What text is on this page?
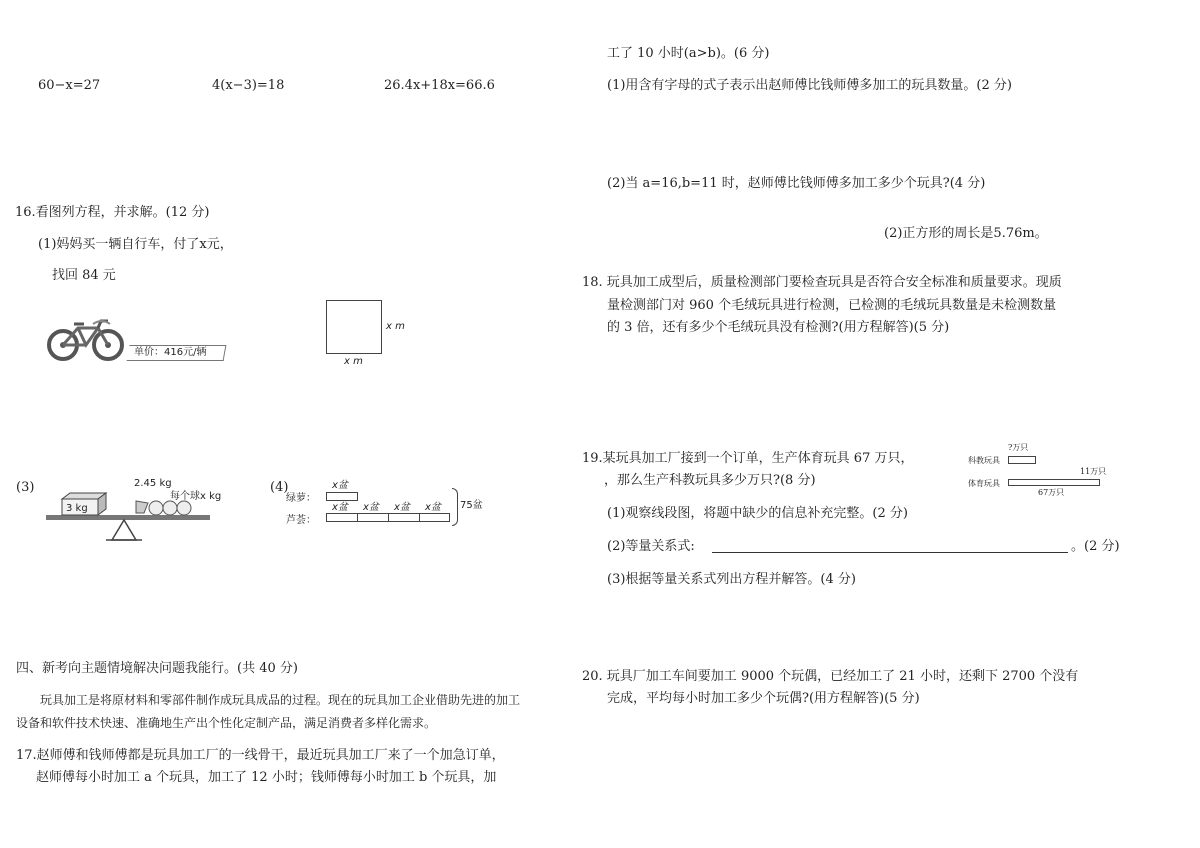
60−x=27	4(x−3)=18	26.4x+18x=66.6
16.看图列方程，并求解。(12 分)
(1)妈妈买一辆自行车，付了x元，
找回 84 元
单价：416元/辆
x m
x m
(3)
3 kg
2.45 kg
每个球x kg
(4)
绿萝：
芦荟：
x盆
x盆 x盆 x盆 x盆 75盆
四、新考向主题情境解决问题我能行。(共 40 分)
玩具加工是将原材料和零部件制作成玩具成品的过程。现在的玩具加工企业借助先进的加工
设备和软件技术快速、准确地生产出个性化定制产品，满足消费者多样化需求。
17.赵师傅和钱师傅都是玩具加工厂的一线骨干，最近玩具加工厂来了一个加急订单，
赵师傅每小时加工 a 个玩具，加工了 12 小时；钱师傅每小时加工 b 个玩具，加
工了 10 小时(a>b)。(6 分)
(1)用含有字母的式子表示出赵师傅比钱师傅多加工的玩具数量。(2 分)
(2)当 a=16,b=11 时，赵师傅比钱师傅多加工多少个玩具?(4 分)
(2)正方形的周长是5.76m。
18. 玩具加工成型后，质量检测部门要检查玩具是否符合安全标准和质量要求。现质
量检测部门对 960 个毛绒玩具进行检测，已检测的毛绒玩具数量是未检测数量
的 3 倍，还有多少个毛绒玩具没有检测?(用方程解答)(5 分)
19.某玩具加工厂接到一个订单，生产体育玩具 67 万只，
，那么生产科教玩具多少万只?(8 分)
?万只
科教玩具
11万只
体育玩具
67万只
(1)观察线段图，将题中缺少的信息补充完整。(2 分)
(2)等量关系式:	。(2 分)
(3)根据等量关系式列出方程并解答。(4 分)
20. 玩具厂加工车间要加工 9000 个玩偶，已经加工了 21 小时，还剩下 2700 个没有
完成，平均每小时加工多少个玩偶?(用方程解答)(5 分)
